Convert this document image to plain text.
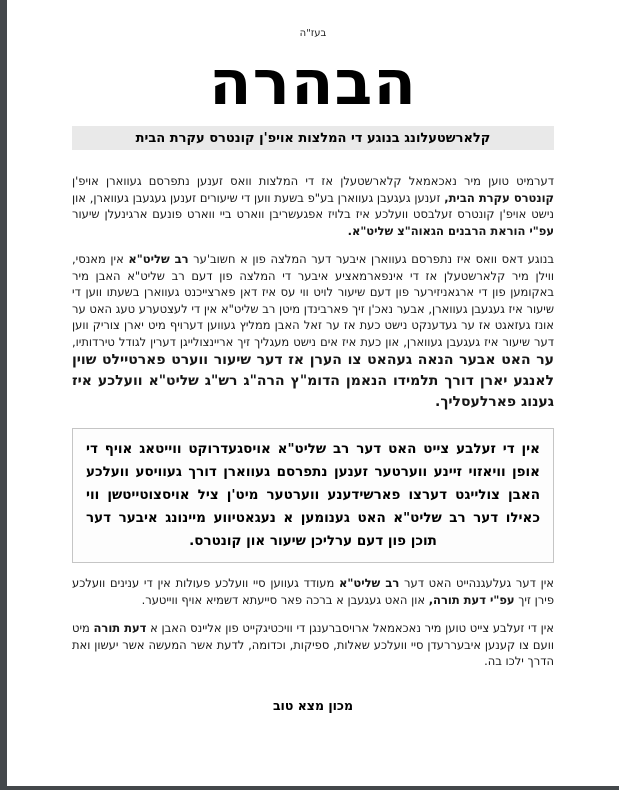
בעז"ה
הבהרה
קלארשטעלונג בנוגע די המלצות אויפ'ן קונטרס עקרת הבית

דערמיט טוען מיר נאכאמאל קלארשטעלן אז די המלצות וואס זענען נתפרסם געווארן אויפ'ן קונטרס עקרת הבית, זענען געגעבן געווארן בע"פ בשעת ווען די שיעורים זענען געגעבן געווארן, און נישט אויפ'ן קונטרס זעלבסט וועלכע איז בלויז אפגעשריבן ווארט ביי ווארט פונעם ארגינעלן שיעור עפ"י הוראת הרבנים הגאוה"צ שליט"א.

בנוגע דאס וואס איז נתפרסם געווארן איבער דער המלצה פון א חשוב'ער רב שליט"א אין מאנסי, ווילן מיר קלארשטעלן אז די אינפארמאציע איבער די המלצה פון דעם רב שליט"א האבן מיר באקומען פון די ארגאניזירער פון דעם שיעור לויט ווי עס איז דאן פארצייכנט געווארן בשעתו ווען די שיעור איז געגעבן געווארן, אבער נאכ'ן זיך פארבינדן מיטן רב שליט"א אין די לעצטערע טעג האט ער אונז געזאגט אז ער געדענקט נישט כעת אז ער זאל האבן ממליץ געווען דערויף מיט יארן צוריק ווען דער שיעור איז געגעבן געווארן, און כעת איז אים נישט מעגליך זיך אריינצולייגן דערין לגודל טירדותיו, ער האט אבער הנאה געהאט צו הערן אז דער שיעור ווערט פארטיילט שוין לאנגע יארן דורך תלמידו הנאמן הדומ"ץ הרה"ג רש"ג שליט"א וועלכע איז גענוג פארלעסליך.

אין די זעלבע צייט האט דער רב שליט"א אויסגעדרוקט ווייטאג אויף די אופן וויאזוי זיינע ווערטער זענען נתפרסם געווארן דורך געוויסע וועלכע האבן צולייגט דערצו פארשידענע ווערטער מיט'ן ציל אויסצוטייטשן ווי כאילו דער רב שליט"א האט גענומען א נעגאטיווע מיינונג איבער דער תוכן פון דעם ערליכן שיעור און קונטרס.

אין דער געלעגנהייט האט דער רב שליט"א מעודד געווען סיי וועלכע פעולות אין די ענינים וועלכע פירן זיך עפ"י דעת תורה, און האט געגעבן א ברכה פאר סייעתא דשמיא אויף ווייטער.

אין די זעלבע צייט טוען מיר נאכאמאל ארויסברענגן די וויכטיגקייט פון אליינס האבן א דעת תורה מיט וועם צו קענען איבעררעדן סיי וועלכע שאלות, ספיקות, וכדומה, לדעת אשר המעשה אשר יעשון ואת הדרך ילכו בה.

מכון מצא טוב
